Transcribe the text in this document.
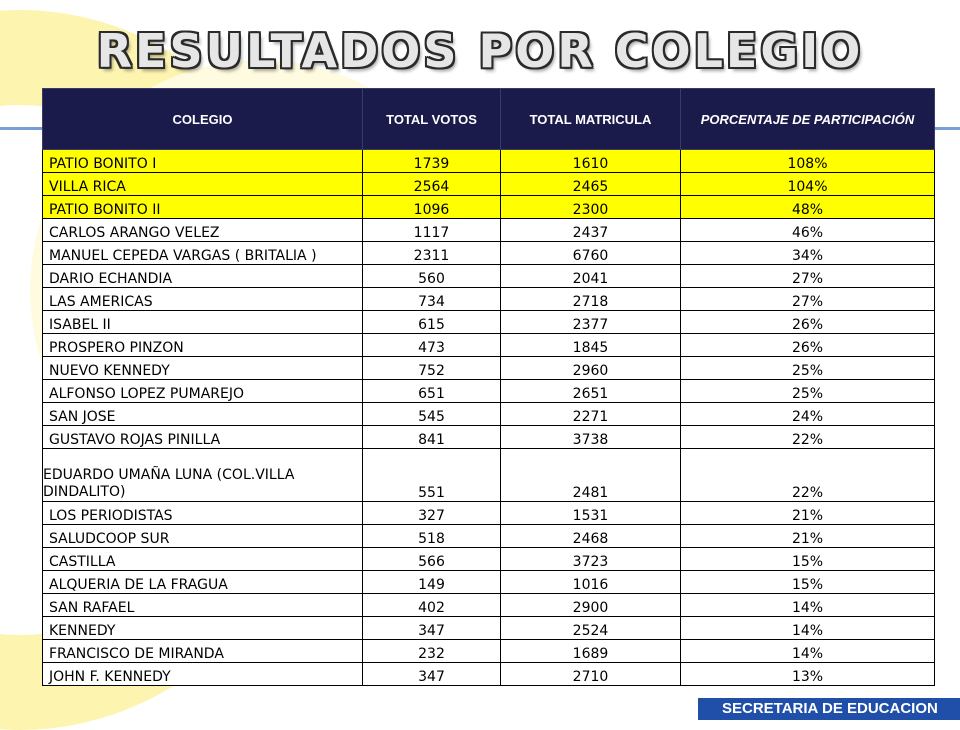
RESULTADOS POR COLEGIO
COLEGIO	TOTAL VOTOS	TOTAL MATRICULA	PORCENTAJE DE PARTICIPACIÓN
PATIO BONITO I	1739	1610	108%
VILLA RICA	2564	2465	104%
PATIO BONITO II	1096	2300	48%
CARLOS ARANGO VELEZ	1117	2437	46%
MANUEL CEPEDA VARGAS ( BRITALIA )	2311	6760	34%
DARIO ECHANDIA	560	2041	27%
LAS AMERICAS	734	2718	27%
ISABEL II	615	2377	26%
PROSPERO PINZON	473	1845	26%
NUEVO KENNEDY	752	2960	25%
ALFONSO LOPEZ PUMAREJO	651	2651	25%
SAN JOSE	545	2271	24%
GUSTAVO ROJAS PINILLA	841	3738	22%
EDUARDO UMAÑA LUNA (COL.VILLA DINDALITO)	551	2481	22%
LOS PERIODISTAS	327	1531	21%
SALUDCOOP SUR	518	2468	21%
CASTILLA	566	3723	15%
ALQUERIA DE LA FRAGUA	149	1016	15%
SAN RAFAEL	402	2900	14%
KENNEDY	347	2524	14%
FRANCISCO DE MIRANDA	232	1689	14%
JOHN F. KENNEDY	347	2710	13%
SECRETARIA DE EDUCACION
